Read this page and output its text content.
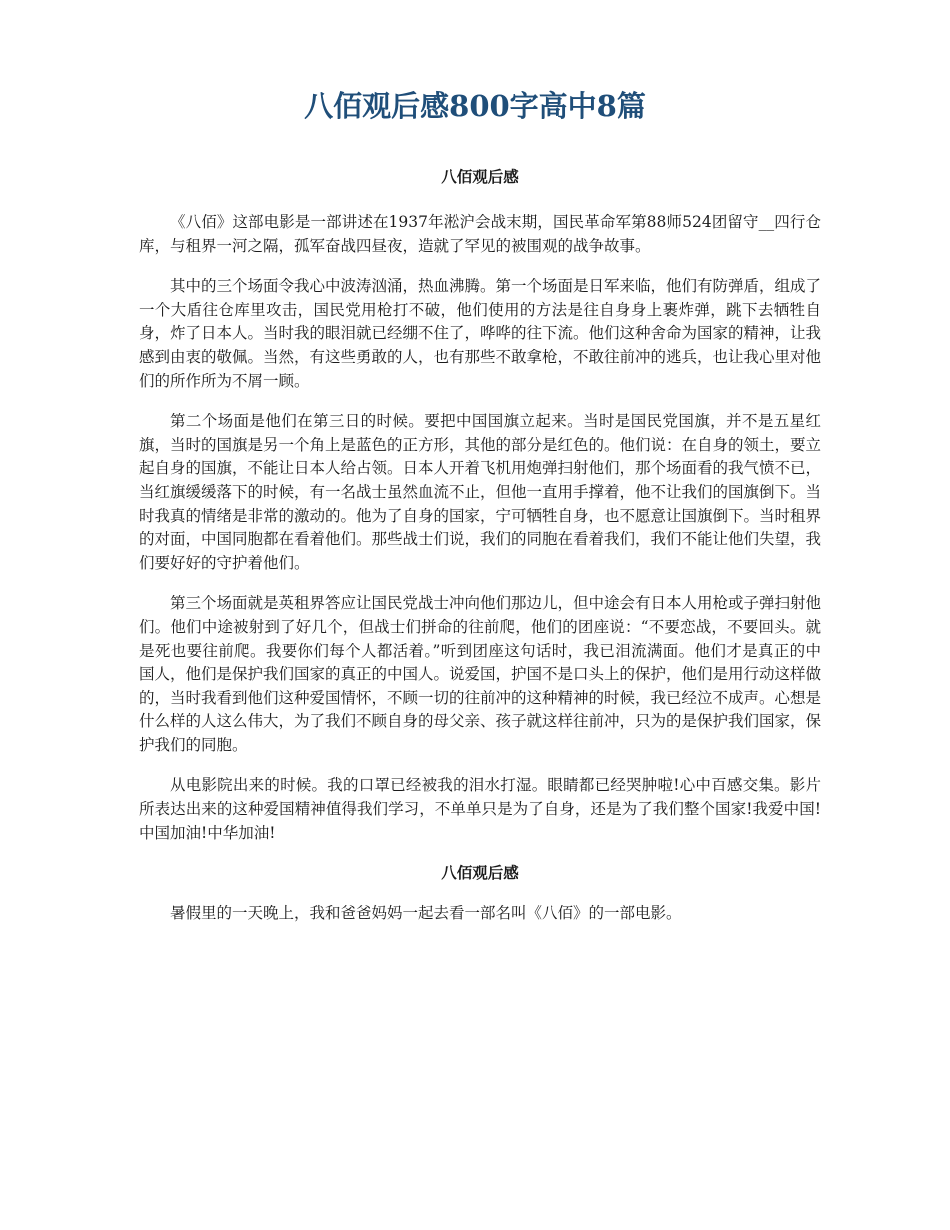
八佰观后感800字高中8篇
八佰观后感

《八佰》这部电影是一部讲述在1937年淞沪会战末期，国民革命军第88师524团留守__四行仓库，与租界一河之隔，孤军奋战四昼夜，造就了罕见的被围观的战争故事。

其中的三个场面令我心中波涛汹涌，热血沸腾。第一个场面是日军来临，他们有防弹盾，组成了一个大盾往仓库里攻击，国民党用枪打不破，他们使用的方法是往自身身上裹炸弹，跳下去牺牲自身，炸了日本人。当时我的眼泪就已经绷不住了，哗哗的往下流。他们这种舍命为国家的精神，让我感到由衷的敬佩。当然，有这些勇敢的人，也有那些不敢拿枪，不敢往前冲的逃兵，也让我心里对他们的所作所为不屑一顾。

第二个场面是他们在第三日的时候。要把中国国旗立起来。当时是国民党国旗，并不是五星红旗，当时的国旗是另一个角上是蓝色的正方形，其他的部分是红色的。他们说：在自身的领土，要立起自身的国旗，不能让日本人给占领。日本人开着飞机用炮弹扫射他们，那个场面看的我气愤不已，当红旗缓缓落下的时候，有一名战士虽然血流不止，但他一直用手撑着，他不让我们的国旗倒下。当时我真的情绪是非常的激动的。他为了自身的国家，宁可牺牲自身，也不愿意让国旗倒下。当时租界的对面，中国同胞都在看着他们。那些战士们说，我们的同胞在看着我们，我们不能让他们失望，我们要好好的守护着他们。

第三个场面就是英租界答应让国民党战士冲向他们那边儿，但中途会有日本人用枪或子弹扫射他们。他们中途被射到了好几个，但战士们拼命的往前爬，他们的团座说：“不要恋战，不要回头。就是死也要往前爬。我要你们每个人都活着。”听到团座这句话时，我已泪流满面。他们才是真正的中国人，他们是保护我们国家的真正的中国人。说爱国，护国不是口头上的保护，他们是用行动这样做的，当时我看到他们这种爱国情怀，不顾一切的往前冲的这种精神的时候，我已经泣不成声。心想是什么样的人这么伟大，为了我们不顾自身的母父亲、孩子就这样往前冲，只为的是保护我们国家，保护我们的同胞。

从电影院出来的时候。我的口罩已经被我的泪水打湿。眼睛都已经哭肿啦!心中百感交集。影片所表达出来的这种爱国精神值得我们学习，不单单只是为了自身，还是为了我们整个国家!我爱中国!中国加油!中华加油!

八佰观后感

暑假里的一天晚上，我和爸爸妈妈一起去看一部名叫《八佰》的一部电影。
